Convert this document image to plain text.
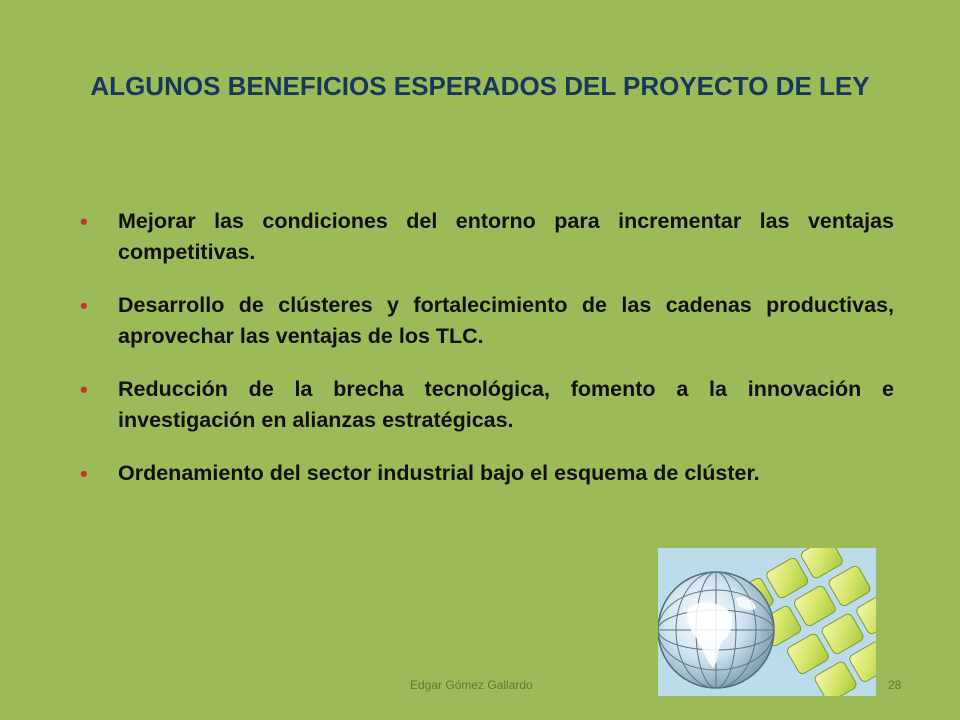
ALGUNOS BENEFICIOS ESPERADOS DEL PROYECTO DE LEY
• Mejorar las condiciones del entorno para incrementar las ventajas competitivas.
• Desarrollo de clústeres y fortalecimiento de las cadenas productivas, aprovechar las ventajas de los TLC.
• Reducción de la brecha tecnológica, fomento a la innovación e investigación en alianzas estratégicas.
• Ordenamiento del sector industrial bajo el esquema de clúster.
Edgar Gómez Gallardo	28
